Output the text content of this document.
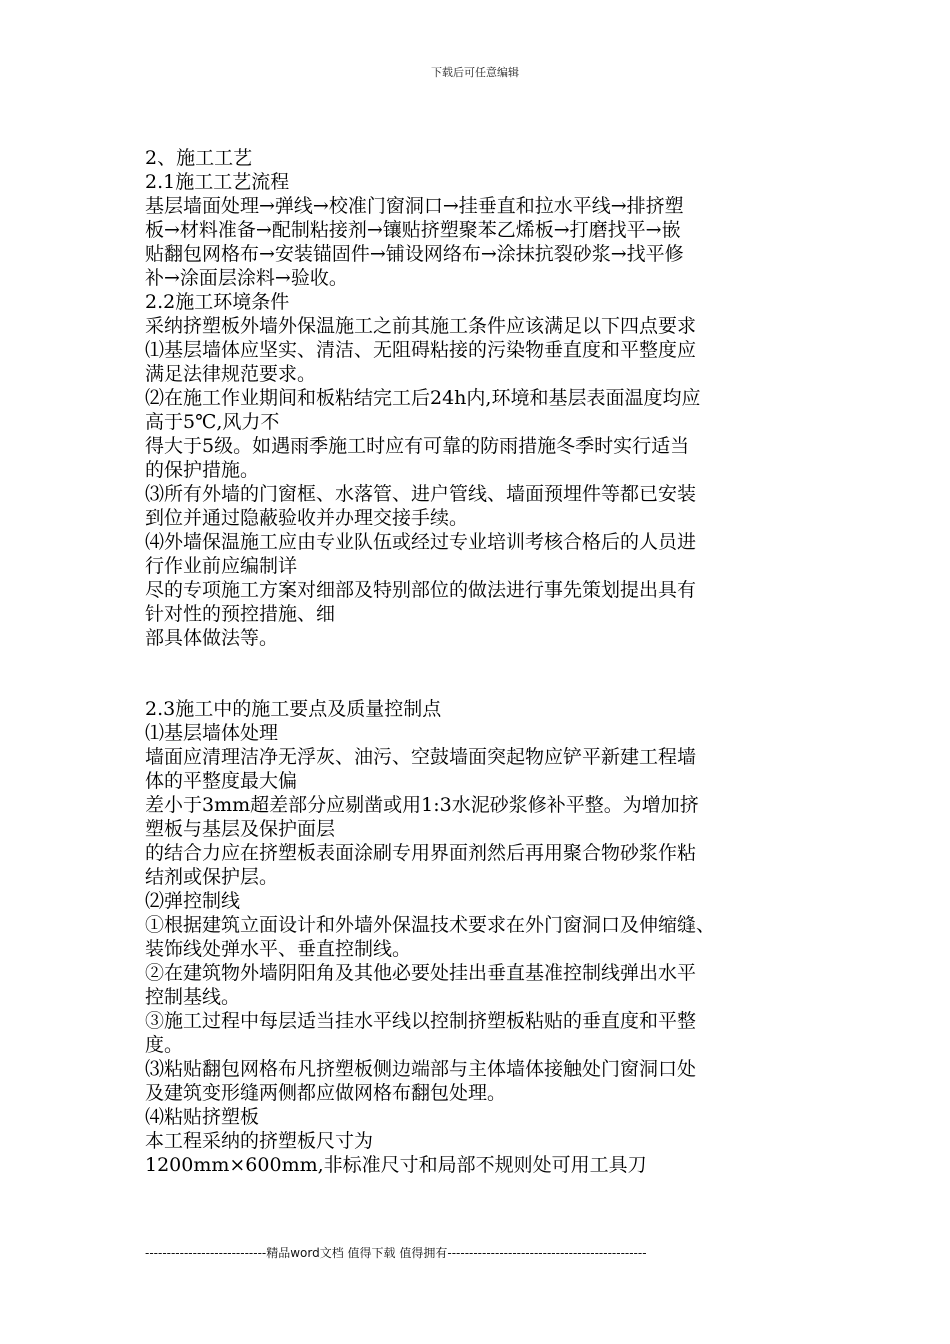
下载后可任意编辑
2、施工工艺
2.1施工工艺流程
基层墙面处理→弹线→校准门窗洞口→挂垂直和拉水平线→排挤塑
板→材料准备→配制粘接剂→镶贴挤塑聚苯乙烯板→打磨找平→嵌
贴翻包网格布→安装锚固件→铺设网络布→涂抹抗裂砂浆→找平修
补→涂面层涂料→验收。
2.2施工环境条件
采纳挤塑板外墙外保温施工之前其施工条件应该满足以下四点要求
⑴基层墙体应坚实、清洁、无阻碍粘接的污染物垂直度和平整度应
满足法律规范要求。
⑵在施工作业期间和板粘结完工后24h内,环境和基层表面温度均应
高于5℃,风力不
得大于5级。如遇雨季施工时应有可靠的防雨措施冬季时实行适当
的保护措施。
⑶所有外墙的门窗框、水落管、进户管线、墙面预埋件等都已安装
到位并通过隐蔽验收并办理交接手续。
⑷外墙保温施工应由专业队伍或经过专业培训考核合格后的人员进
行作业前应编制详
尽的专项施工方案对细部及特别部位的做法进行事先策划提出具有
针对性的预控措施、细
部具体做法等。
2.3施工中的施工要点及质量控制点
⑴基层墙体处理
墙面应清理洁净无浮灰、油污、空鼓墙面突起物应铲平新建工程墙
体的平整度最大偏
差小于3mm超差部分应剔凿或用1:3水泥砂浆修补平整。为增加挤
塑板与基层及保护面层
的结合力应在挤塑板表面涂刷专用界面剂然后再用聚合物砂浆作粘
结剂或保护层。
⑵弹控制线
①根据建筑立面设计和外墙外保温技术要求在外门窗洞口及伸缩缝、
装饰线处弹水平、垂直控制线。
②在建筑物外墙阴阳角及其他必要处挂出垂直基准控制线弹出水平
控制基线。
③施工过程中每层适当挂水平线以控制挤塑板粘贴的垂直度和平整
度。
⑶粘贴翻包网格布凡挤塑板侧边端部与主体墙体接触处门窗洞口处
及建筑变形缝两侧都应做网格布翻包处理。
⑷粘贴挤塑板
本工程采纳的挤塑板尺寸为
1200mm×600mm,非标准尺寸和局部不规则处可用工具刀
----------------------------精品word文档 值得下载 值得拥有----------------------------------------------
